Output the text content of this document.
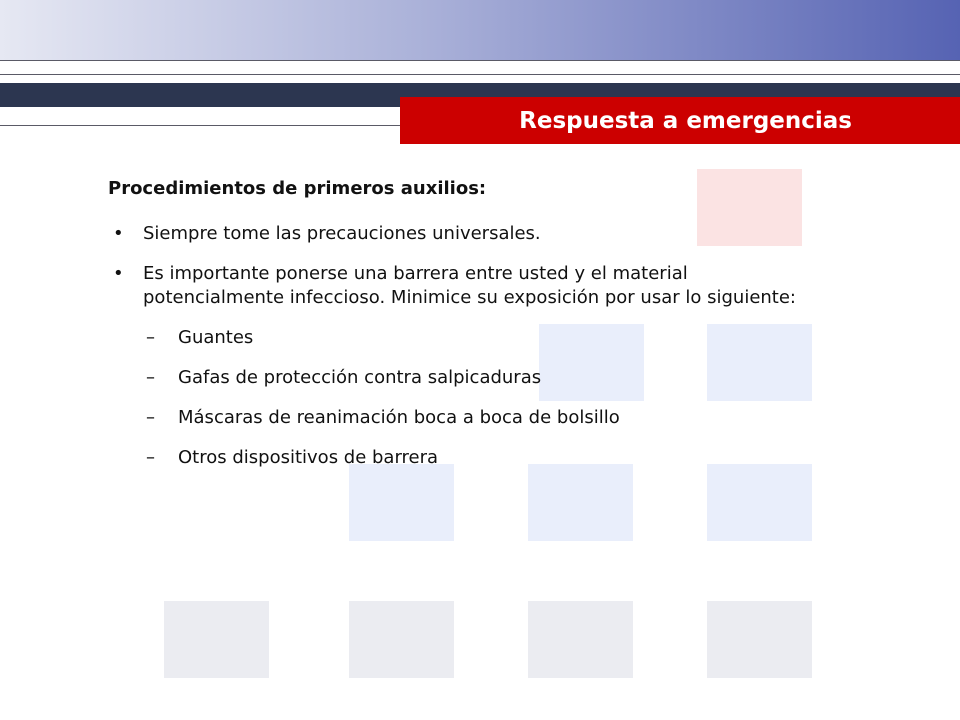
Respuesta a emergencias
Procedimientos de primeros auxilios:
• Siempre tome las precauciones universales.
• Es importante ponerse una barrera entre usted y el material potencialmente infeccioso. Minimice su exposición por usar lo siguiente:
– Guantes
– Gafas de protección contra salpicaduras
– Máscaras de reanimación boca a boca de bolsillo
– Otros dispositivos de barrera
